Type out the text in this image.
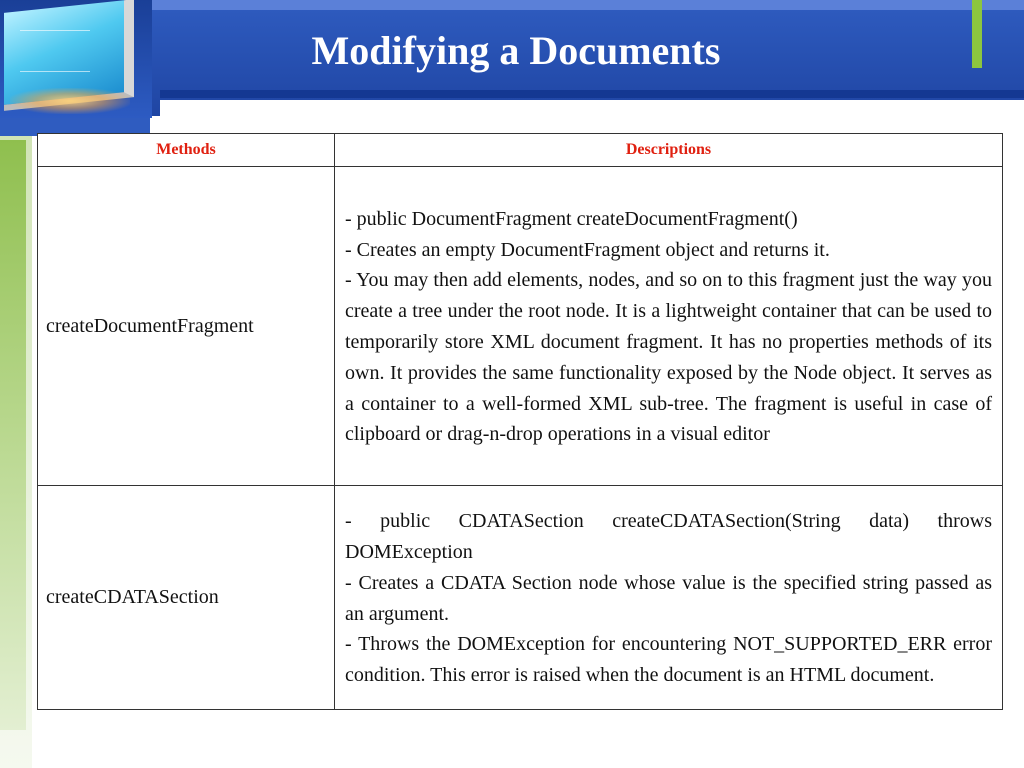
Modifying a Documents
Methods	Descriptions
createDocumentFragment	- public DocumentFragment createDocumentFragment()
- Creates an empty DocumentFragment object and returns it.
- You may then add elements, nodes, and so on to this fragment just the way you create a tree under the root node. It is a lightweight container that can be used to temporarily store XML document fragment. It has no properties methods of its own. It provides the same functionality exposed by the Node object. It serves as a container to a well-formed XML sub-tree. The fragment is useful in case of clipboard or drag-n-drop operations in a visual editor

createCDATASection	- public CDATASection createCDATASection(String data) throws DOMException
- Creates a CDATA Section node whose value is the specified string passed as an argument.
- Throws the DOMException for encountering NOT_SUPPORTED_ERR error condition. This error is raised when the document is an HTML document.
